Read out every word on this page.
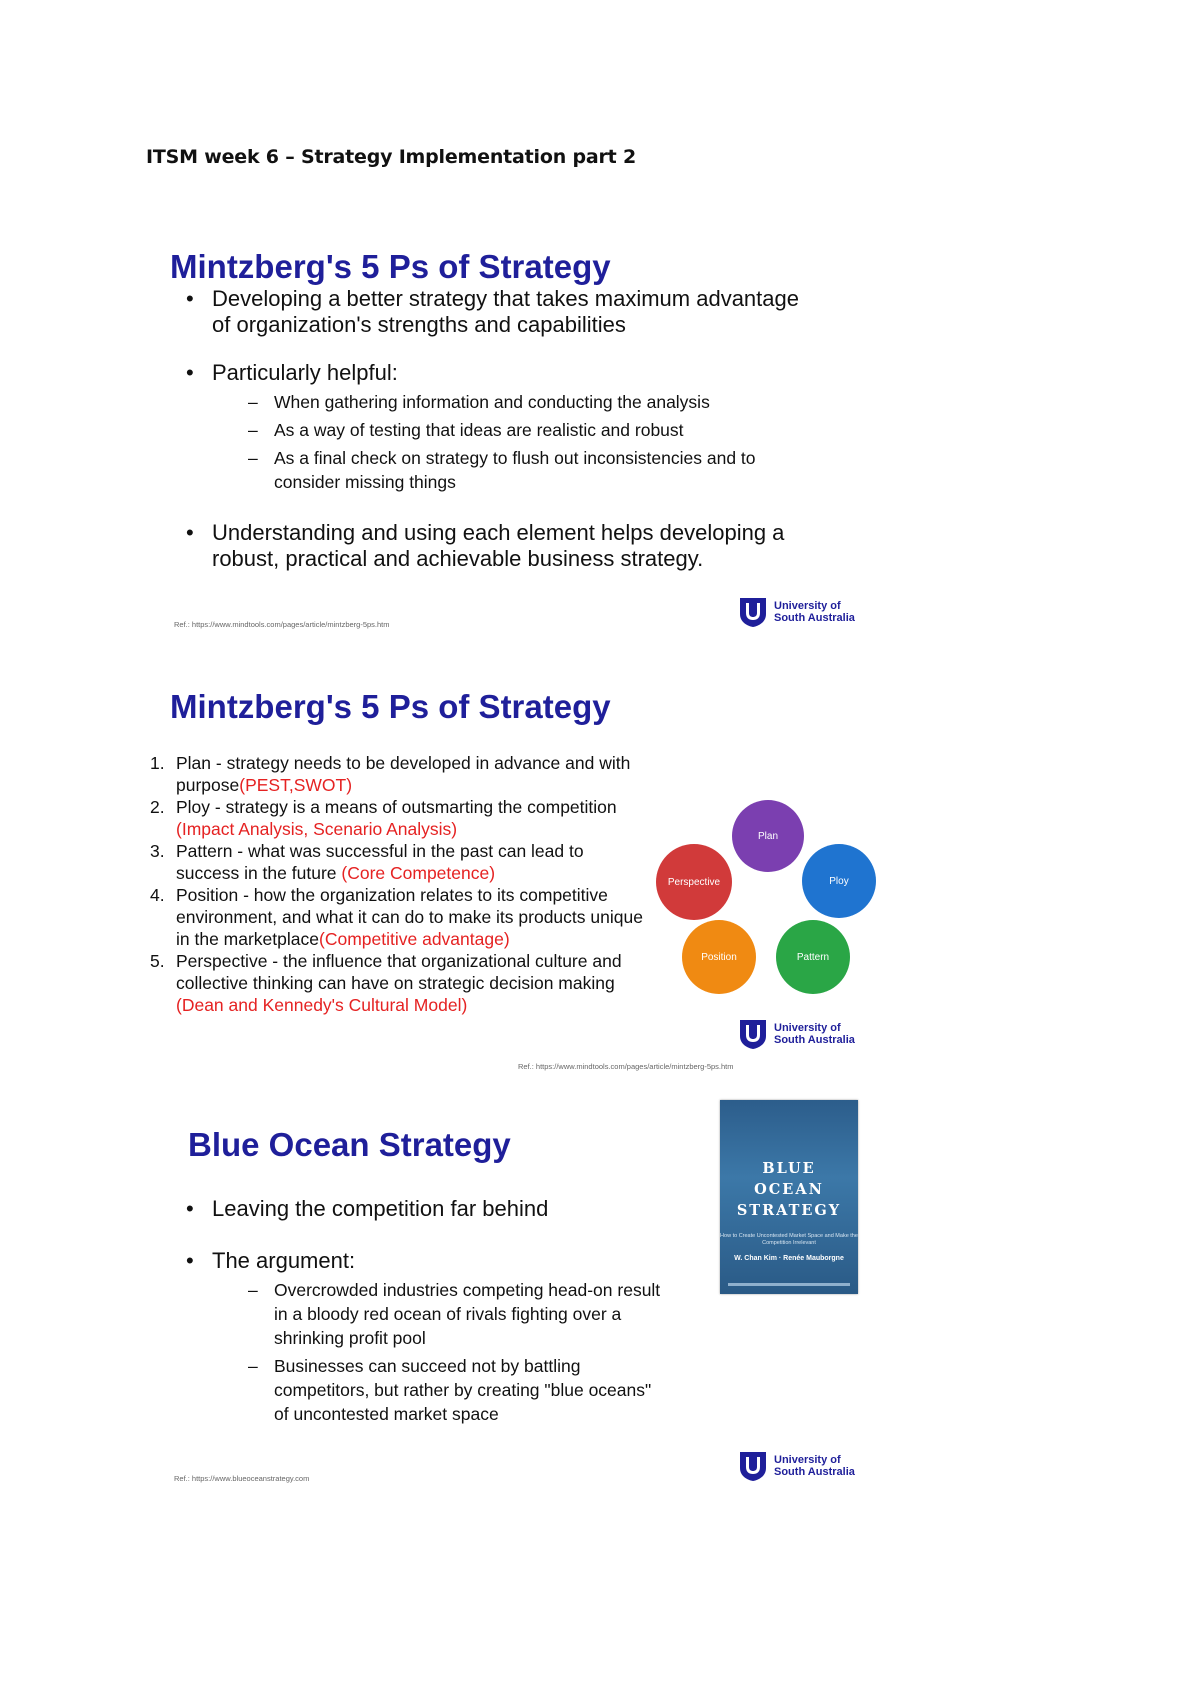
ITSM week 6 – Strategy Implementation part 2
Mintzberg's 5 Ps of Strategy
• Developing a better strategy that takes maximum advantage of organization's strengths and capabilities
• Particularly helpful:
– When gathering information and conducting the analysis
– As a way of testing that ideas are realistic and robust
– As a final check on strategy to flush out inconsistencies and to consider missing things
• Understanding and using each element helps developing a robust, practical and achievable business strategy.
Ref.: https://www.mindtools.com/pages/article/mintzberg-5ps.htm
University of
South Australia
Mintzberg's 5 Ps of Strategy
1. Plan - strategy needs to be developed in advance and with purpose(PEST,SWOT)
2. Ploy - strategy is a means of outsmarting the competition (Impact Analysis, Scenario Analysis)
3. Pattern - what was successful in the past can lead to success in the future (Core Competence)
4. Position - how the organization relates to its competitive environment, and what it can do to make its products unique in the marketplace(Competitive advantage)
5. Perspective - the influence that organizational culture and collective thinking can have on strategic decision making (Dean and Kennedy's Cultural Model)
Plan
Ploy
Pattern
Position
Perspective
University of
South Australia
Ref.: https://www.mindtools.com/pages/article/mintzberg-5ps.htm
Blue Ocean Strategy
• Leaving the competition far behind
• The argument:
– Overcrowded industries competing head-on result in a bloody red ocean of rivals fighting over a shrinking profit pool
– Businesses can succeed not by battling competitors, but rather by creating "blue oceans" of uncontested market space
BLUE
OCEAN
STRATEGY
How to Create Uncontested Market Space and Make the Competition Irrelevant
W. Chan Kim · Renée Mauborgne
Ref.: https://www.blueoceanstrategy.com
University of
South Australia
